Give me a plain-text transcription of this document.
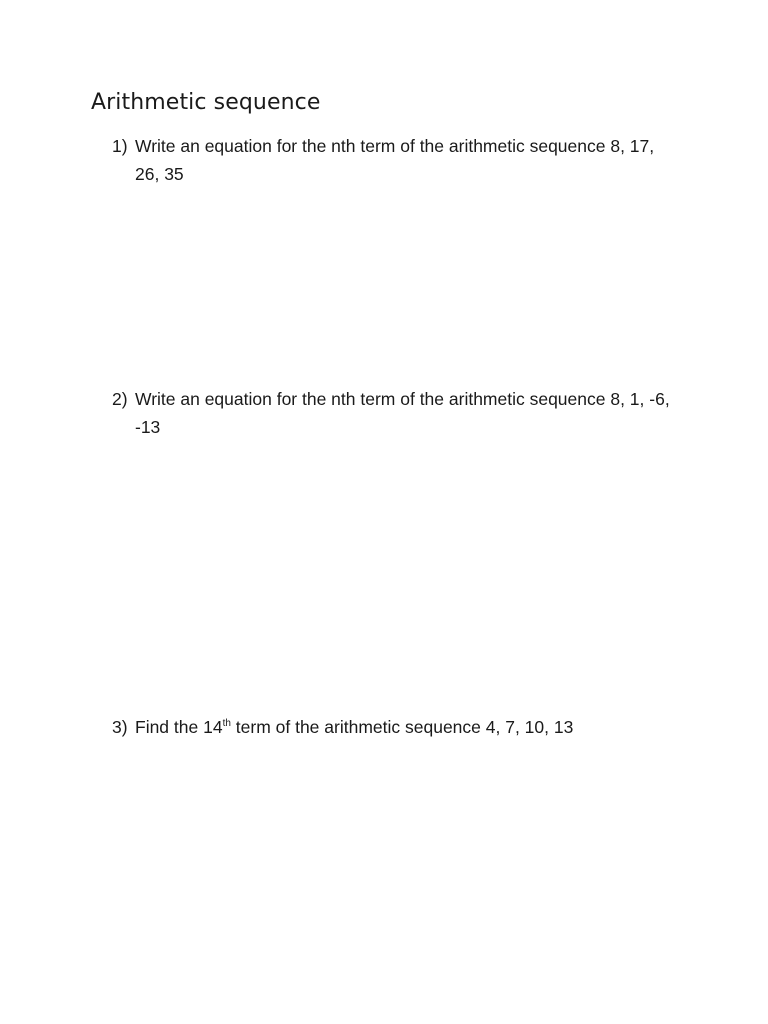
Arithmetic sequence
1) Write an equation for the nth term of the arithmetic sequence 8, 17, 26, 35
2) Write an equation for the nth term of the arithmetic sequence 8, 1, -6, -13
3) Find the 14th term of the arithmetic sequence 4, 7, 10, 13
